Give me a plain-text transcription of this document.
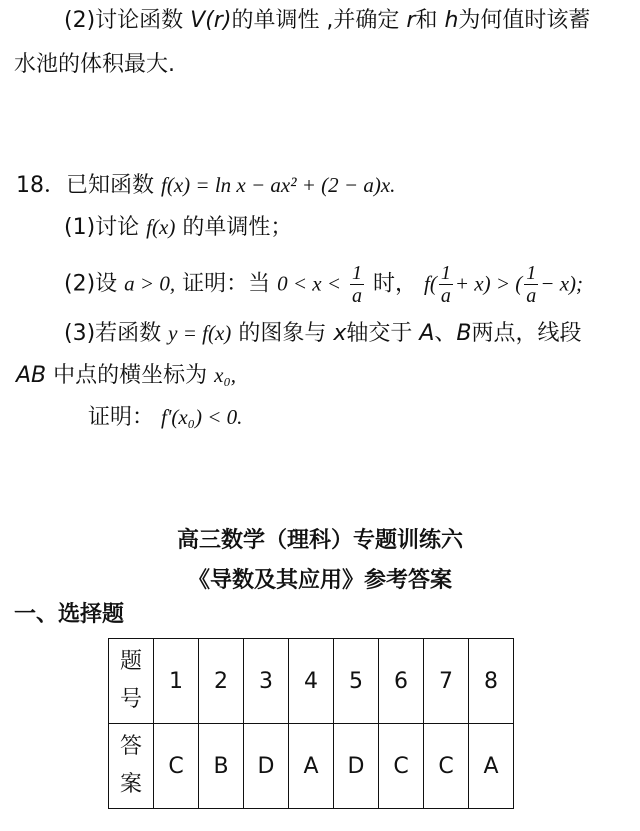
(2)讨论函数 V(r)的单调性 ,并确定 r和 h为何值时该蓄
水池的体积最大.
18．已知函数 f(x) = ln x − ax² + (2 − a)x.
(1)讨论 f(x) 的单调性；
(2)设 a > 0, 证明：当 $0 < x < \frac{1}{a}$ 时， $f( \frac{1}{a} + x)$ > ( $\frac{1}{a} - x$);
(3)若函数 y = f(x) 的图象与 x轴交于 A、B两点，线段
AB 中点的横坐标为 x₀,
证明： f'(x₀) < 0.
高三数学（理科）专题训练六
《导数及其应用》参考答案
一、选择题
题
号	1	2	3	4	5	6	7	8

答
案	C	B	D	A	D	C	C	A
